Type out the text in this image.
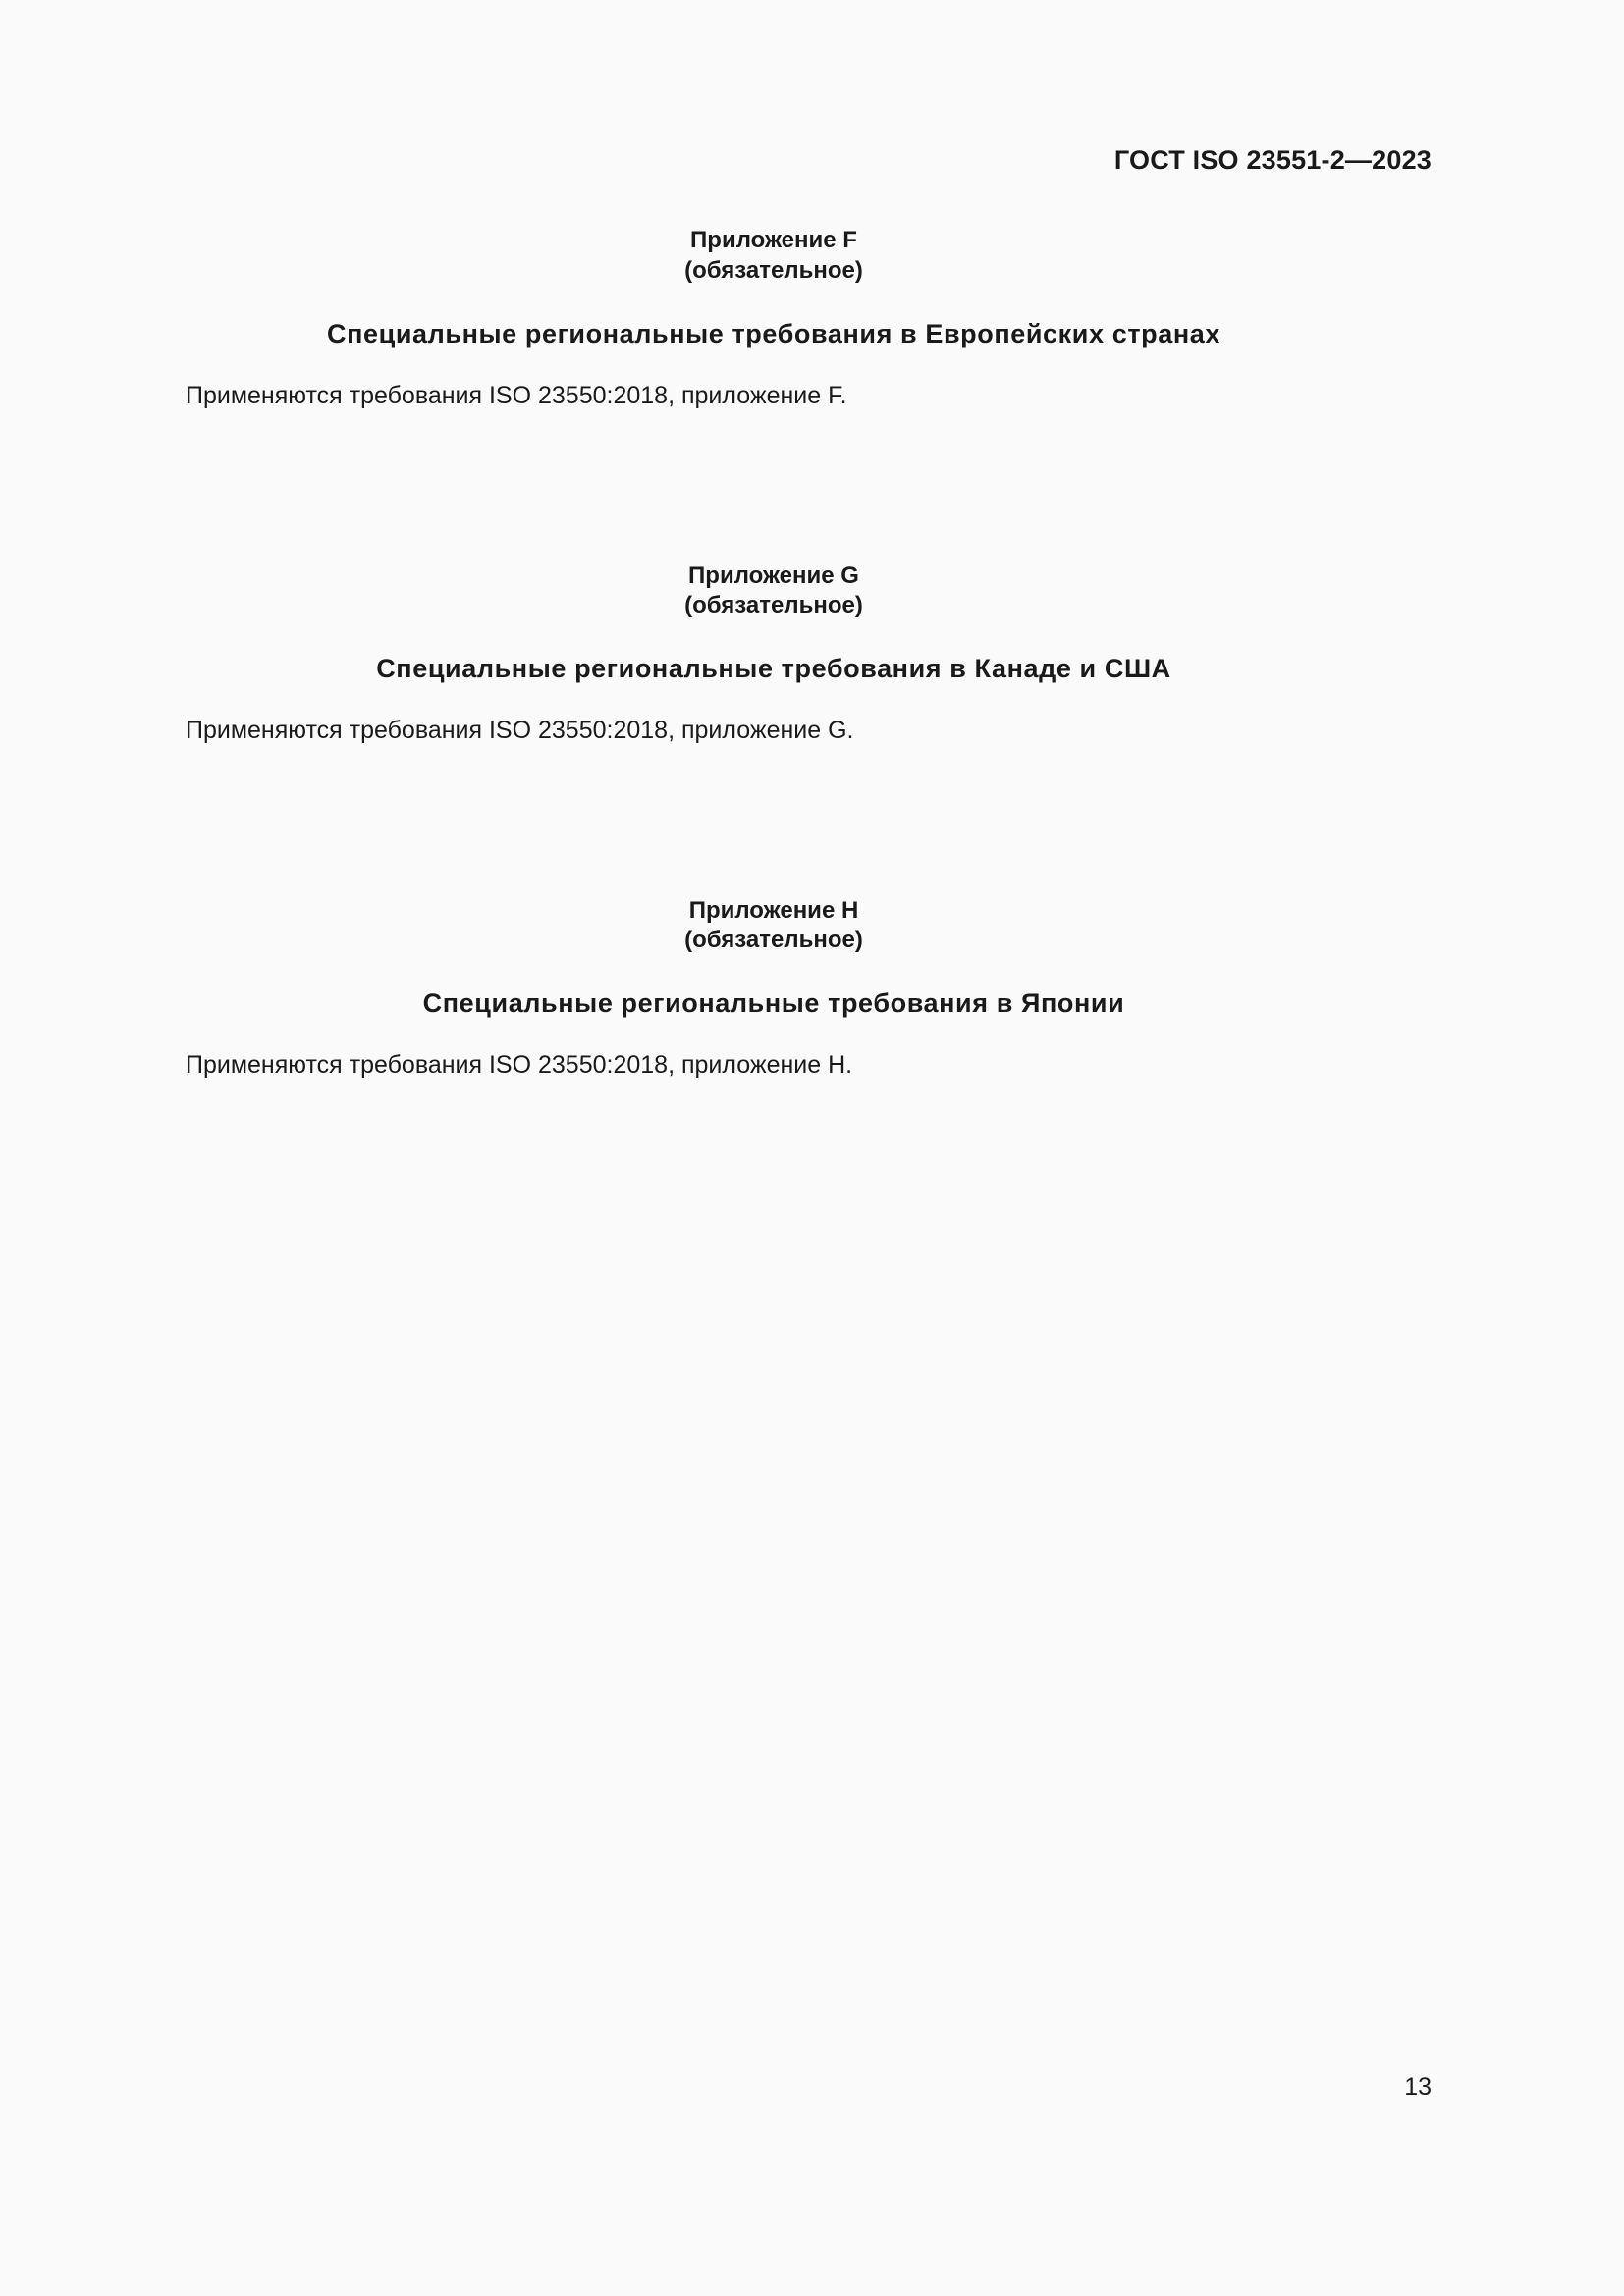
ГОСТ ISO 23551-2—2023
Приложение F
(обязательное)
Специальные региональные требования в Европейских странах
Применяются требования ISO 23550:2018, приложение F.
Приложение G
(обязательное)
Специальные региональные требования в Канаде и США
Применяются требования ISO 23550:2018, приложение G.
Приложение H
(обязательное)
Специальные региональные требования в Японии
Применяются требования ISO 23550:2018, приложение H.
13
